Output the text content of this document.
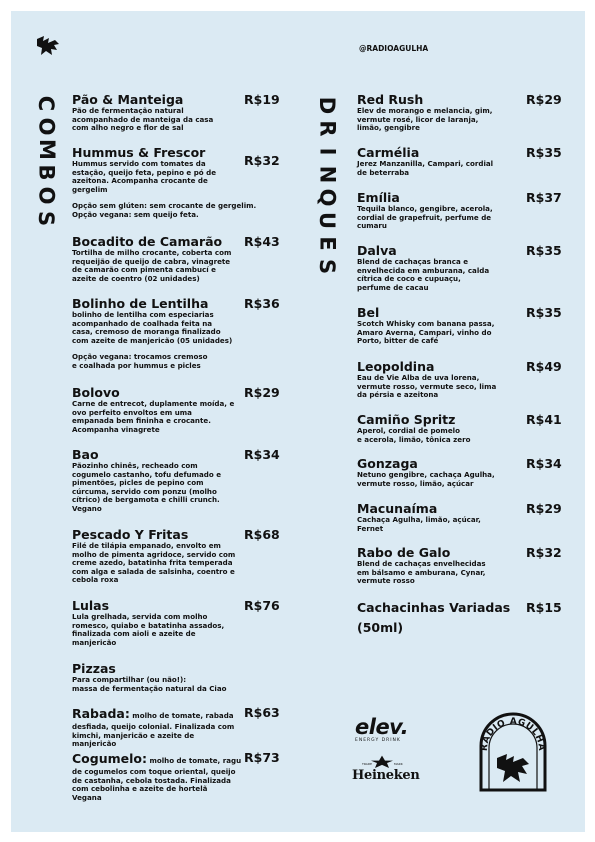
@RADIOAGULHA
C
O
M
B
O
S
D
R
I
N
Q
U
E
S
Pão & Manteiga	R$19
Pão de fermentação natural
acompanhado de manteiga da casa
com alho negro e flor de sal
Hummus & Frescor
R$32
Hummus servido com tomates da
estação, queijo feta, pepino e pó de
azeitona. Acompanha crocante de
gergelim
Opção sem glúten: sem crocante de gergelim.
Opção vegana: sem queijo feta.
Bocadito de Camarão	R$43
Tortilha de milho crocante, coberta com
requeijão de queijo de cabra, vinagrete
de camarão com pimenta cambucí e
azeite de coentro (02 unidades)
Bolinho de Lentilha	R$36
bolinho de lentilha com especiarias
acompanhado de coalhada feita na
casa, cremoso de moranga finalizado
com azeite de manjericão (05 unidades)
Opção vegana: trocamos cremoso
e coalhada por hummus e picles
Bolovo	R$29
Carne de entrecot, duplamente moída, e
ovo perfeito envoltos em uma
empanada bem fininha e crocante.
Acompanha vinagrete
Bao	R$34
Pãozinho chinês, recheado com
cogumelo castanho, tofu defumado e
pimentões, picles de pepino com
cúrcuma, servido com ponzu (molho
cítrico) de bergamota e chilli crunch.
Vegano
Pescado Y Fritas	R$68
Filé de tilápia empanado, envolto em
molho de pimenta agridoce, servido com
creme azedo, batatinha frita temperada
com alga e salada de salsinha, coentro e
cebola roxa
Lulas	R$76
Lula grelhada, servida com molho
romesco, quiabo e batatinha assados,
finalizada com aioli e azeite de
manjericão
Pizzas
Para compartilhar (ou não!):
massa de fermentação natural da Ciao
Rabada: molho de tomate, rabada R$63
desfiada, queijo colonial. Finalizada com
kimchi, manjericão e azeite de
manjericão
Cogumelo: molho de tomate, ragu R$73
de cogumelos com toque oriental, queijo
de castanha, cebola tostada. Finalizada
com cebolinha e azeite de hortelã
Vegana
Red Rush	R$29
Elev de morango e melancia, gim,
vermute rosé, licor de laranja,
limão, gengibre
Carmélia	R$35
Jerez Manzanilla, Campari, cordial
de beterraba
Emília	R$37
Tequila blanco, gengibre, acerola,
cordial de grapefruit, perfume de
cumaru
Dalva	R$35
Blend de cachaças branca e
envelhecida em amburana, calda
cítrica de coco e cupuaçu,
perfume de cacau
Bel	R$35
Scotch Whisky com banana passa,
Amaro Averna, Campari, vinho do
Porto, bitter de café
Leopoldina	R$49
Eau de Vie Alba de uva lorena,
vermute rosso, vermute seco, lima
da pérsia e azeitona
Camiño Spritz	R$41
Aperol, cordial de pomelo
e acerola, limão, tônica zero
Gonzaga	R$34
Netuno gengibre, cachaça Agulha,
vermute rosso, limão, açúcar
Macunaíma	R$29
Cachaça Agulha, limão, açúcar,
Fernet
Rabo de Galo	R$32
Blend de cachaças envelhecidas
em bálsamo e amburana, Cynar,
vermute rosso
Cachacinhas Variadas
(50ml)
R$15
elev.
ENERGY DRINK
TRADE	MARK
Heineken
RADIO AGULHA
